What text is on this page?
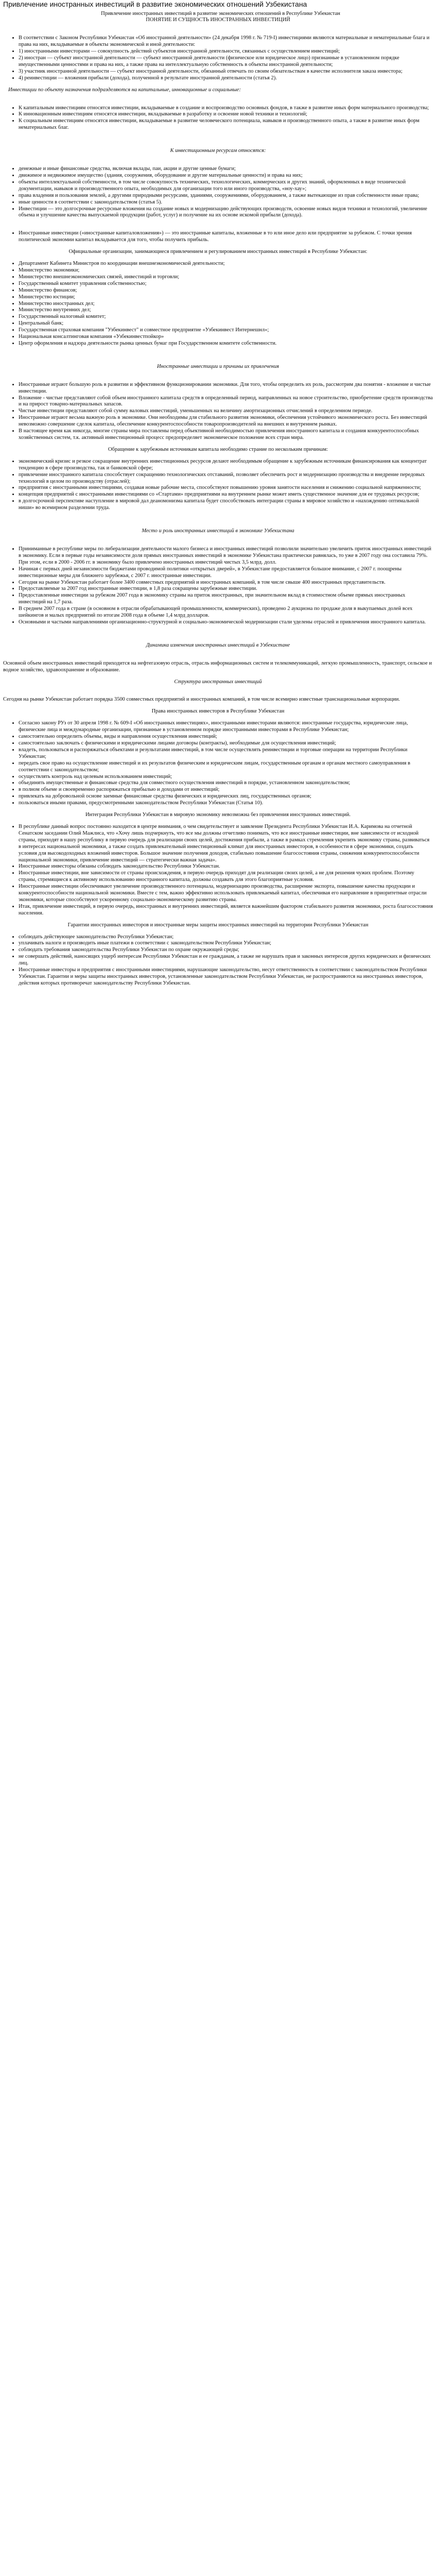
Привлечение иностранных инвестиций в развитие экономических отношений Узбекистана
Привлечение иностранных инвестиций в развитие экономических отношений в Республике Узбекистан
ПОНЯТИЕ И СУЩНОСТЬ ИНОСТРАННЫХ ИНВЕСТИЦИЙ
• В соответствии с Законом Республики Узбекистан «Об иностранной деятельности» (24 декабря 1998 г. № 719-I) инвестициями являются материальные и нематериальные блага и права на них, вкладываемые в объекты экономической и иной деятельности:
• 1) иностранными инвесторами — совокупность действий субъектов иностранной деятельности, связанных с осуществлением инвестиций;
• 2) иностран — субъект иностранной деятельности — субъект иностранной деятельности (физическое или юридическое лицо) признанные в установленном порядке имущественными ценностями и права на них, а также права на интеллектуальную собственность в объекты иностранной деятельности;
• 3) участник иностранной деятельности — субъект иностранной деятельности, обязанный отвечать по своим обязательствам в качестве исполнителя заказа инвестора;
• 4) реинвестиции — вложения прибыли (дохода), полученной в результате иностранной деятельности (статья 2).

Инвестиции по объекту назначения подразделяются на капитальные, инновационные и социальные:

• К капитальным инвестициям относятся инвестиции, вкладываемые в создание и воспроизводство основных фондов, в также в развитие иных форм материального производства;
• К инновационным инвестициям относятся инвестиции, вкладываемые в разработку и освоение новой техники и технологий;
• К социальным инвестициям относятся инвестиции, вкладываемые в развитие человеческого потенциала, навыков и производственного опыта, а также в развитие иных форм нематериальных благ.
К инвестиционным ресурсам относятся:
• денежные и иные финансовые средства, включая вклады, паи, акции и другие ценные бумаги;
• движимое и недвижимое имущество (здания, сооружения, оборудование и другие материальные ценности) и права на них;
• объекты интеллектуальной собственности, в том числе совокупность технических, технологических, коммерческих и других знаний, оформленных в виде технической документации, навыков и производственного опыта, необходимых для организации того или иного производства, «ноу-хау»;
• права владения и пользования землей, а другими природными ресурсами, зданиями, сооружениями, оборудованием, а также вытекающие из прав собственности иные права;
• иные ценности в соответствии с законодательством (статья 5).
• Инвестиции — это долгосрочные ресурсные вложения на создание новых и модернизацию действующих производств, освоение новых видов техники и технологий, увеличение объема и улучшение качества выпускаемой продукции (работ, услуг) и получение на их основе искомой прибыли (дохода).
• Иностранные инвестиции («иностранные капиталовложения») — это иностранные капиталы, вложенные в то или иное дело или предприятие за рубежом. С точки зрения политической экономии капитал вкладывается для того, чтобы получить прибыль.

Официальные организации, занимающиеся привлечением и регулированием иностранных инвестиций в Республике Узбекистан:

• Департамент Кабинета Министров по координации внешнеэкономической деятельности;
• Министерство экономики;
• Министерство внешнеэкономических связей, инвестиций и торговли;
• Государственный комитет управления собственностью;
• Министерство финансов;
• Министерство юстиции;
• Министерство иностранных дел;
• Министерство внутренних дел;
• Государственный налоговый комитет;
• Центральный банк;
• Государственная страховая компания "Узбекинвест" и совместное предприятие «Узбекинвест Интернешнл»;
• Национальная консалтинговая компания «Узбекинвестпойкор»
• Центр оформления и надзора деятельности рынка ценных бумаг при Государственном комитете собственности.
Иностранные инвестиции и причины их привлечения
• Иностранные играют большую роль в развитии и эффективном функционировании экономики. Для того, чтобы определить их роль, рассмотрим два понятия - вложение и чистые инвестиции.
• Вложение - чистые представляют собой объем иностранного капитала средств в определенный период, направленных на новое строительство, приобретение средств производства и на прирост товарно-материальных запасов.
• Чистые инвестиции представляют собой сумму валовых инвестиций, уменьшенных на величину амортизационных отчислений в определенном периоде.
• Иностранные играют весьма важную роль в экономике. Они необходимы для стабильного развития экономики, обеспечения устойчивого экономического роста. Без инвестиций невозможно совершение сделок капитала, обеспечение конкурентоспособности товаропроизводителей на внешних и внутреннем рынках.
• В настоящее время как никогда, многие страны мира поставлены перед объективной необходимостью привлечения иностранного капитала и создания конкурентоспособных хозяйственных систем, т.к. активный инвестиционный процесс предопределяет экономическое положение всех стран мира.

Обращение к зарубежным источникам капитала необходимо страние по нескольким причинам:

• экономический кризис и резкое сокращение внутренних инвестиционных ресурсов делают необходимым обращение к зарубежным источникам финансирования как концентрат тенденцию в сфере производства, так и банковской сфере;
• привлечение иностранного капитала способствует сокращению технологических отставаний, позволяет обеспечить рост и модернизацию производства и внедрение передовых технологий в целом по производству (отраслей);
• предприятия с иностранными инвестициями, создавая новые рабочие места, способствуют повышению уровня занятости населения и снижению социальной напряженности;
• концепция предприятий с иностранными инвестициями со «Стартами» предприятиями на внутреннем рынке может иметь существенное значение для ее трудовых ресурсов;
• в долгосрочной перспективе наступление в мировой дал деаномонизма капитала будет способствовать интеграции страны в мировое хозяйство и «нахождению оптимальной ниши» во всемирном разделении труда.
Место и роль иностранных инвестиций в экономике Узбекистана
• Приниманные в республике меры по либерализации деятельности малого бизнеса и иностранных инвестиций позволили значительно увеличить приток иностранных инвестиций в экономику. Если в первые годы независимости доля прямых иностранных инвестиций в экономике Узбекистана практически равнялась, то уже в 2007 году она составила 79%. При этом, если в 2000 - 2006 гг. в экономику было привлечено иностранных инвестиций чистых 3,5 млрд. долл.
• Начиная с первых дней независимости бюджетами проводимой политики «открытых дверей», в Узбекистане предоставляется большое внимание, с 2007 г. поощрены инвестиционные меры для ближнего зарубежья, с 2007 г. иностранные инвестиции.
• Сегодня на рынке Узбекистан работает более 3400 совместных предприятий и иностранных компаний, в том числе свыше 400 иностранных представительств.
• Предоставляемые за 2007 год иностранные инвестиции, в 1,8 раза сокращены зарубежные инвестиции.
• Предоставленные инвестиции за рубежом 2007 года в экономику страны на приток иностранных, при значительном вклад в стоимостном объеме прямых иностранных инвестиций на 1,7 раза.
• В среднем 2007 года в стране (в основном в отрасли обрабатывающей промышленности, коммерческих), проведено 2 аукциона по продаже доля в выкупаемых долей всех шейкингов и малых предприятий по итогам 2008 года в объеме 1,4 млрд долларов.
• Основными и частыми направлениями организационно-структурной и социально-экономической модернизации стали уделены отраслей и привлечения иностранного капитала.
Динамика изменения иностранных инвестиций в Узбекистане

Основной объем иностранных инвестиций приходится на нефтегазовую отрасль, отрасль информационных систем и телекоммуникаций, легкую промышленность, транспорт, сельское и водное хозяйство, здравоохранение и образование.

Структура иностранных инвестиций

Сегодня на рынке Узбекистан работает порядка 3500 совместных предприятий и иностранных компаний, в том числе всемирно известные транснациональные корпорации.

Права иностранных инвесторов в Республике Узбекистан
• Согласно закону РУз от 30 апреля 1998 г. № 609-I «Об иностранных инвестициях», иностранными инвесторами являются: иностранные государства, юридические лица, физические лица и международные организации, признанные в установленном порядке иностранными инвесторами в Республике Узбекистан;
• самостоятельно определить объемы, виды и направления осуществления инвестиций;
• самостоятельно заключать с физическими и юридическими лицами договоры (контракты), необходимые для осуществления инвестиций;
• владеть, пользоваться и распоряжаться объектами и результатами инвестиций, в том числе осуществлять реинвестиции и торговые операции на территории Республики Узбекистан;
• передать свое право на осуществление инвестиций и их результатов физическим и юридическим лицам, государственным органам и органам местного самоуправления в соответствии с законодательством;
• осуществлять контроль над целевым использованием инвестиций;
• объединять имущественные и финансовые средства для совместного осуществления инвестиций в порядке, установленном законодательством;
• в полном объеме и своевременно распоряжаться прибылью и доходами от инвестиций;
• привлекать на добровольной основе заемные финансовые средства физических и юридических лиц, государственных органов;
• пользоваться иными правами, предусмотренными законодательством Республики Узбекистан (Статья 10).

Интеграция Республики Узбекистан в мировую экономику невозможна без привлечения иностранных инвестиций.

• В республике данный вопрос постоянно находится в центре внимания, о чем свидетельствует и заявление Президента Республики Узбекистан И.А. Каримова на отчетной Сенатском заседании Олий Мажлиса, что «Хочу лишь подчеркнуть, что все мы должны отчетливо понимать, что все иностранные инвестиции, вне зависимости от исходной страны, приходят в нашу республику в первую очередь для реализации своих целей, достижения прибыли, а также в рамках стремления укрепить экономику страны, развиваться в интересах национальной экономики, а также создать привлекательный инвестиционный климат для иностранных инвесторов, в особенности в сфере экономики, создать условия для высокодоходных вложений инвесторов. Большое значение получения доходов, стабильно повышение благосостояния страны, снижения конкурентоспособности национальной экономики, привлечение инвестиций — стратегически важная задача».
• Иностранные инвесторы обязаны соблюдать законодательство Республики Узбекистан.
• Иностранные инвестиции, вне зависимости от страны происхождения, в первую очередь приходят для реализации своих целей, а не для решения чужих проблем. Поэтому страны, стремящиеся к активному использованию иностранного капитала, должны создавать для этого благоприятные условия.
• Иностранные инвестиции обеспечивают увеличение производственного потенциала, модернизацию производства, расширение экспорта, повышение качества продукции и конкурентоспособности национальной экономики. Вместе с тем, важно эффективно использовать привлекаемый капитал, обеспечивая его направление в приоритетные отрасли экономики, которые способствуют ускоренному социально-экономическому развитию страны.
• Итак, привлечение инвестиций, в первую очередь, иностранных и внутренних инвестиций, является важнейшим фактором стабильного развития экономики, роста благосостояния населения.

Гарантии иностранных инвесторов и иностранные меры защиты иностранных инвестиций на территории Республики Узбекистан

• соблюдать действующее законодательство Республики Узбекистан;
• уплачивать налоги и производить иные платежи в соответствии с законодательством Республики Узбекистан;
• соблюдать требования законодательства Республики Узбекистан по охране окружающей среды;
• не совершать действий, наносящих ущерб интересам Республики Узбекистан и ее гражданам, а также не нарушать прав и законных интересов других юридических и физических лиц.
• Иностранные инвесторы и предприятия с иностранными инвестициями, нарушающие законодательство, несут ответственность в соответствии с законодательством Республики Узбекистан. Гарантии и меры защиты иностранных инвесторов, установленные законодательством Республики Узбекистан, не распространяются на иностранных инвесторов, действия которых противоречат законодательству Республики Узбекистан.
